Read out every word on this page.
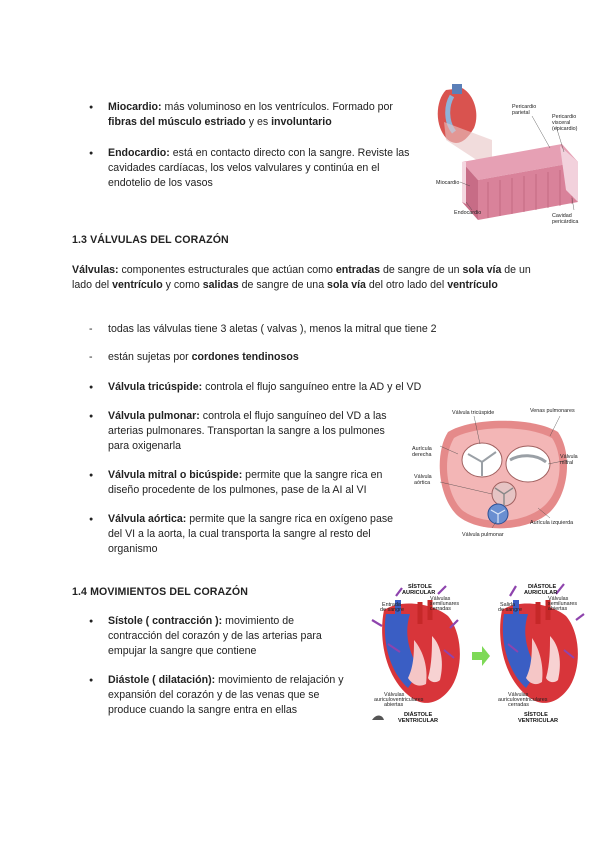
● Miocardio: más voluminoso en los ventrículos. Formado por fibras del músculo estriado y es involuntario
● Endocardio: está en contacto directo con la sangre. Reviste las cavidades cardíacas, los velos valvulares y continúa en el endotelio de los vasos
Pericardio parietal
Pericardio visceral (epicardio)
Miocardio
Endocardio	Cavidad pericárdica
1.3 VÁLVULAS DEL CORAZÓN
Válvulas: componentes estructurales que actúan como entradas de sangre de un sola vía de un lado del ventrículo y como salidas de sangre de una sola vía del otro lado del ventrículo
- todas las válvulas tiene 3 aletas ( valvas ), menos la mitral que tiene 2
- están sujetas por cordones tendinosos
● Válvula tricúspide: controla el flujo sanguíneo entre la AD y el VD
● Válvula pulmonar: controla el flujo sanguíneo del VD a las arterias pulmonares. Transportan la sangre a los pulmones para oxigenarla
● Válvula mitral o bicúspide: permite que la sangre rica en diseño procedente de los pulmones, pase de la AI al VI
● Válvula aórtica: permite que la sangre rica en oxígeno pase del VI a la aorta, la cual transporta la sangre al resto del organismo
Válvula tricúspide	Venas pulmonares
Aurícula derecha	Válvula mitral
Válvula aórtica
Aurícula izquierda
Válvula pulmonar
1.4 MOVIMIENTOS DEL CORAZÓN
● Sístole ( contracción ): movimiento de contracción del corazón y de las arterias para empujar la sangre que contiene
● Diástole ( dilatación): movimiento de relajación y expansión del corazón y de las venas que se produce cuando la sangre entra en ellas
SÍSTOLE AURICULAR
DIÁSTOLE AURICULAR
Entrada de sangre
Salida de sangre
Válvulas semilunares cerradas
Válvulas semilunares abiertas
Válvulas auriculoventriculares abiertas
Válvulas auriculoventriculares cerradas
DIÁSTOLE VENTRICULAR
SÍSTOLE VENTRICULAR
